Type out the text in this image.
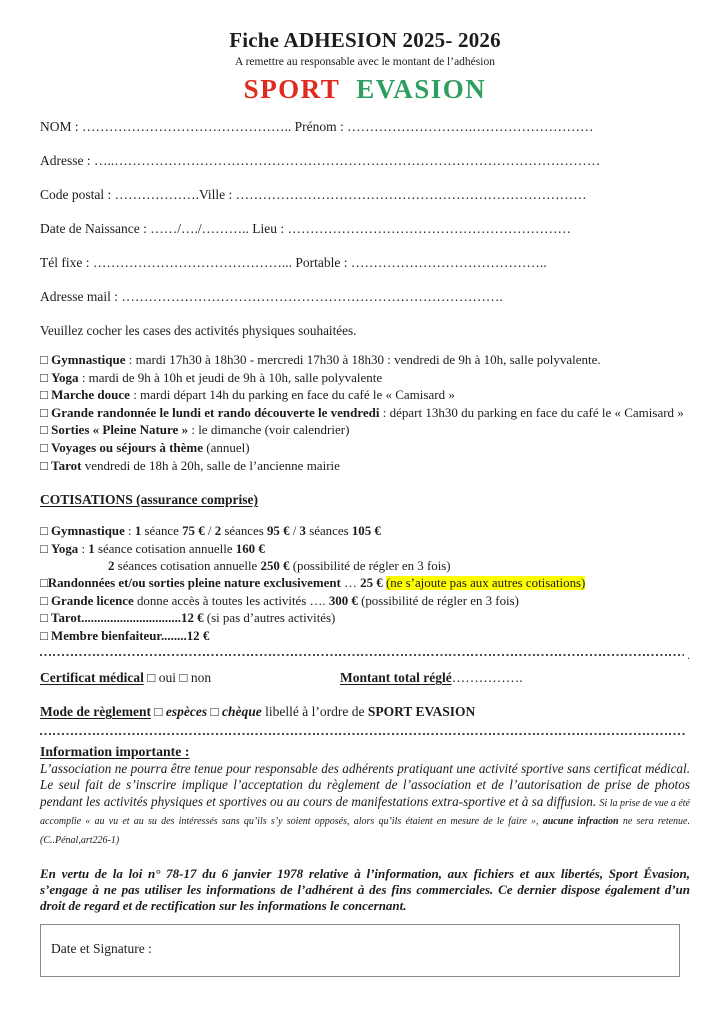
Fiche ADHESION 2025- 2026
A remettre au responsable avec le montant de l’adhésion
SPORT EVASION
NOM : ……………………………………….. Prénom : ……………………….………………………
Adresse : …..………………………………………………………………………………………………
Code postal : ……………….Ville : ……………………………………………………………………
Date de Naissance : ……/…./……….. Lieu : ………………………………………………………
Tél fixe : ……………………………………... Portable : ……………………………………..
Adresse mail : ………………………………………………………………………….
Veuillez cocher les cases des activités physiques souhaitées.
□ Gymnastique : mardi 17h30 à 18h30 - mercredi 17h30 à 18h30 : vendredi de 9h à 10h, salle polyvalente.
□ Yoga : mardi de 9h à 10h et jeudi de 9h à 10h, salle polyvalente
□ Marche douce : mardi départ 14h du parking en face du café le « Camisard »
□ Grande randonnée le lundi et rando découverte le vendredi : départ 13h30 du parking en face du café le « Camisard »
□ Sorties « Pleine Nature » : le dimanche (voir calendrier)
□ Voyages ou séjours à thème (annuel)
□ Tarot vendredi de 18h à 20h, salle de l’ancienne mairie
COTISATIONS (assurance comprise)
□ Gymnastique : 1 séance 75 € / 2 séances 95 € / 3 séances 105 €
□ Yoga : 1 séance cotisation annuelle 160 €
2 séances cotisation annuelle 250 € (possibilité de régler en 3 fois)
□Randonnées et/ou sorties pleine nature exclusivement … 25 € (ne s’ajoute pas aux autres cotisations)
□ Grande licence donne accès à toutes les activités …. 300 € (possibilité de régler en 3 fois)
□ Tarot...............................12 € (si pas d’autres activités)
□ Membre bienfaiteur........12 €
.
Certificat médical □ oui □ non	Montant total réglé…………….
Mode de règlement □ espèces □ chèque libellé à l’ordre de SPORT EVASION
Information importante :
L’association ne pourra être tenue pour responsable des adhérents pratiquant une activité sportive sans certificat médical. Le seul fait de s’inscrire implique l’acceptation du règlement de l’association et de l’autorisation de prise de photos pendant les activités physiques et sportives ou au cours de manifestations extra-sportive et à sa diffusion. Si la prise de vue a été accomplie « au vu et au su des intéressés sans qu’ils s’y soient opposés, alors qu’ils étaient en mesure de le faire », aucune infraction ne sera retenue.(C..Pénal,art226-1)
En vertu de la loi n° 78-17 du 6 janvier 1978 relative à l’information, aux fichiers et aux libertés, Sport Évasion, s’engage à ne pas utiliser les informations de l’adhérent à des fins commerciales. Ce dernier dispose également d’un droit de regard et de rectification sur les informations le concernant.
Date et Signature :
